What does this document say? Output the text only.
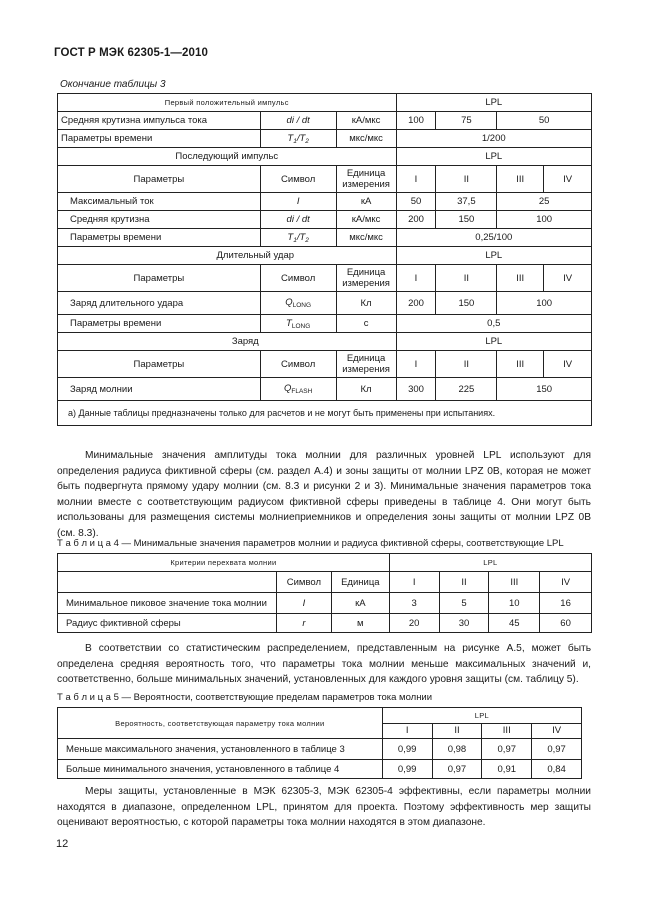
ГОСТ Р МЭК 62305-1—2010
Окончание таблицы 3
Первый положительный импульс			LPL			
Средняя крутизна импульса тока	di / dt	кА/мкс	100	75	50	
Параметры времени	$T_1/T_2$	мкс/мкс	1/200			
Последующий импульс			LPL			
Параметры	Символ	Единица измерения	I	II	III	IV
Максимальный ток	I	кА	50	37,5	25	
Средняя крутизна	di / dt	кА/мкс	200	150	100	
Параметры времени	$T_1/T_2$	мкс/мкс	0,25/100			
Длительный удар			LPL			
Параметры	Символ	Единица измерения	I	II	III	IV
Заряд длительного удара	$Q_{LONG}$	Кл	200	150	100	
Параметры времени	$T_{LONG}$	с	0,5			
Заряд			LPL			
Параметры	Символ	Единица измерения	I	II	III	IV
Заряд молнии	$Q_{FLASH}$	Кл	300	225	150	
а) Данные таблицы предназначены только для расчетов и не могут быть применены при испытаниях.						
Минимальные значения амплитуды тока молнии для различных уровней LPL используют для определения радиуса фиктивной сферы (см. раздел А.4) и зоны защиты от молнии LPZ 0B, которая не может быть подвергнута прямому удару молнии (см. 8.3 и рисунки 2 и 3). Минимальные значения параметров тока молнии вместе с соответствующим радиусом фиктивной сферы приведены в таблице 4. Они могут быть использованы для размещения системы молниеприемников и определения зоны защиты от молнии LPZ 0B (см. 8.3).
Т а б л и ц а 4 — Минимальные значения параметров молнии и радиуса фиктивной сферы, соответствующие LPL
Критерии перехвата молнии			LPL			
	Символ	Единица	I	II	III	IV
Минимальное пиковое значение тока молнии	I	кА	3	5	10	16
Радиус фиктивной сферы	r	м	20	30	45	60
В соответствии со статистическим распределением, представленным на рисунке А.5, может быть определена средняя вероятность того, что параметры тока молнии меньше максимальных значений и, соответственно, больше минимальных значений, установленных для каждого уровня защиты (см. таблицу 5).
Т а б л и ц а 5 — Вероятности, соответствующие пределам параметров тока молнии
Вероятность, соответствующая параметру тока молнии	LPL			
	I	II	III	IV
Меньше максимального значения, установленного в таблице 3	0,99	0,98	0,97	0,97
Больше минимального значения, установленного в таблице 4	0,99	0,97	0,91	0,84
Меры защиты, установленные в МЭК 62305-3, МЭК 62305-4 эффективны, если параметры молнии находятся в диапазоне, определенном LPL, принятом для проекта. Поэтому эффективность мер защиты оценивают вероятностью, с которой параметры тока молнии находятся в этом диапазоне.
12
